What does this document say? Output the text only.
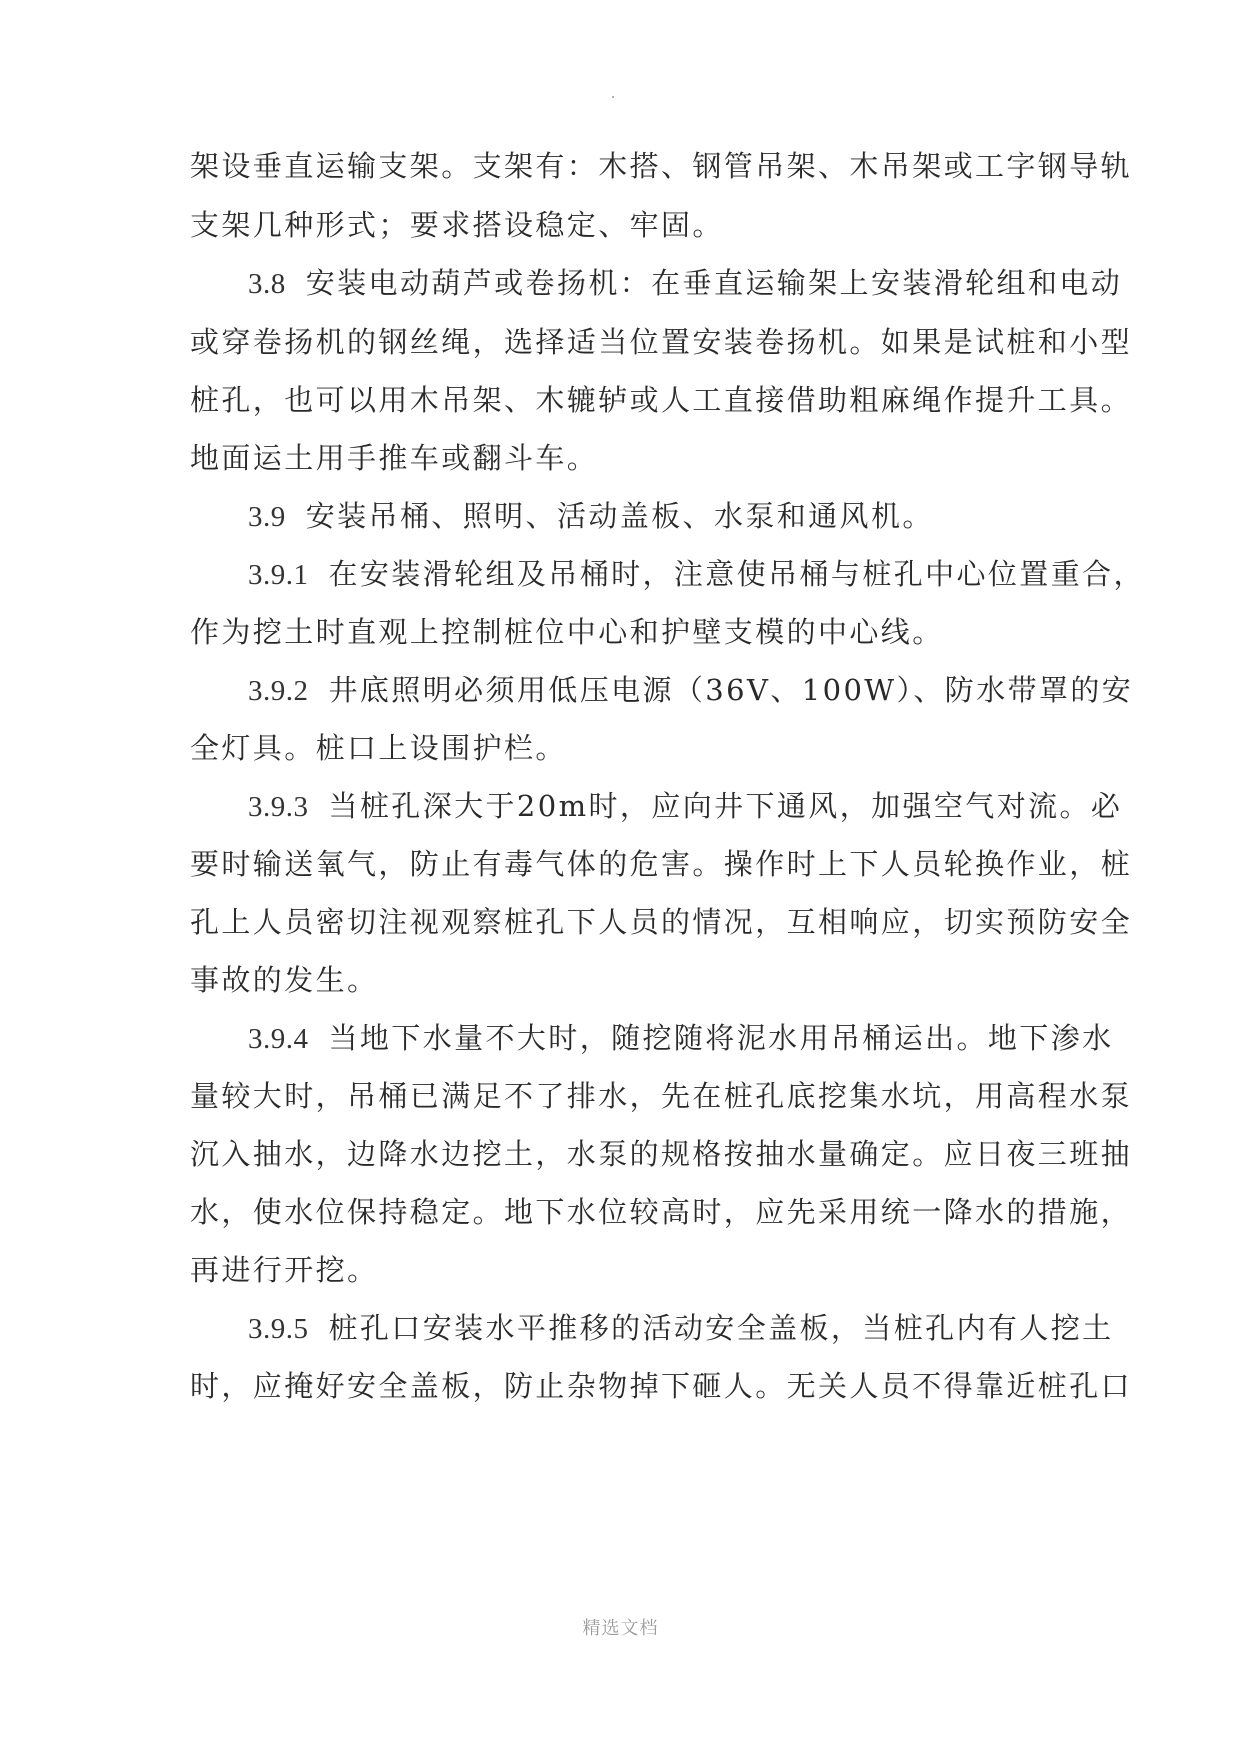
架设垂直运输支架。支架有：木搭、钢管吊架、木吊架或工字钢导轨
支架几种形式；要求搭设稳定、牢固。
3.8 安装电动葫芦或卷扬机：在垂直运输架上安装滑轮组和电动
或穿卷扬机的钢丝绳，选择适当位置安装卷扬机。如果是试桩和小型
桩孔，也可以用木吊架、木辘轳或人工直接借助粗麻绳作提升工具。
地面运土用手推车或翻斗车。
3.9 安装吊桶、照明、活动盖板、水泵和通风机。
3.9.1 在安装滑轮组及吊桶时，注意使吊桶与桩孔中心位置重合，
作为挖土时直观上控制桩位中心和护壁支模的中心线。
3.9.2 井底照明必须用低压电源（36V、100W）、防水带罩的安
全灯具。桩口上设围护栏。
3.9.3 当桩孔深大于20m时，应向井下通风，加强空气对流。必
要时输送氧气，防止有毒气体的危害。操作时上下人员轮换作业，桩
孔上人员密切注视观察桩孔下人员的情况，互相响应，切实预防安全
事故的发生。
3.9.4 当地下水量不大时，随挖随将泥水用吊桶运出。地下渗水
量较大时，吊桶已满足不了排水，先在桩孔底挖集水坑，用高程水泵
沉入抽水，边降水边挖土，水泵的规格按抽水量确定。应日夜三班抽
水，使水位保持稳定。地下水位较高时，应先采用统一降水的措施，
再进行开挖。
3.9.5 桩孔口安装水平推移的活动安全盖板，当桩孔内有人挖土
时，应掩好安全盖板，防止杂物掉下砸人。无关人员不得靠近桩孔口
精选文档
